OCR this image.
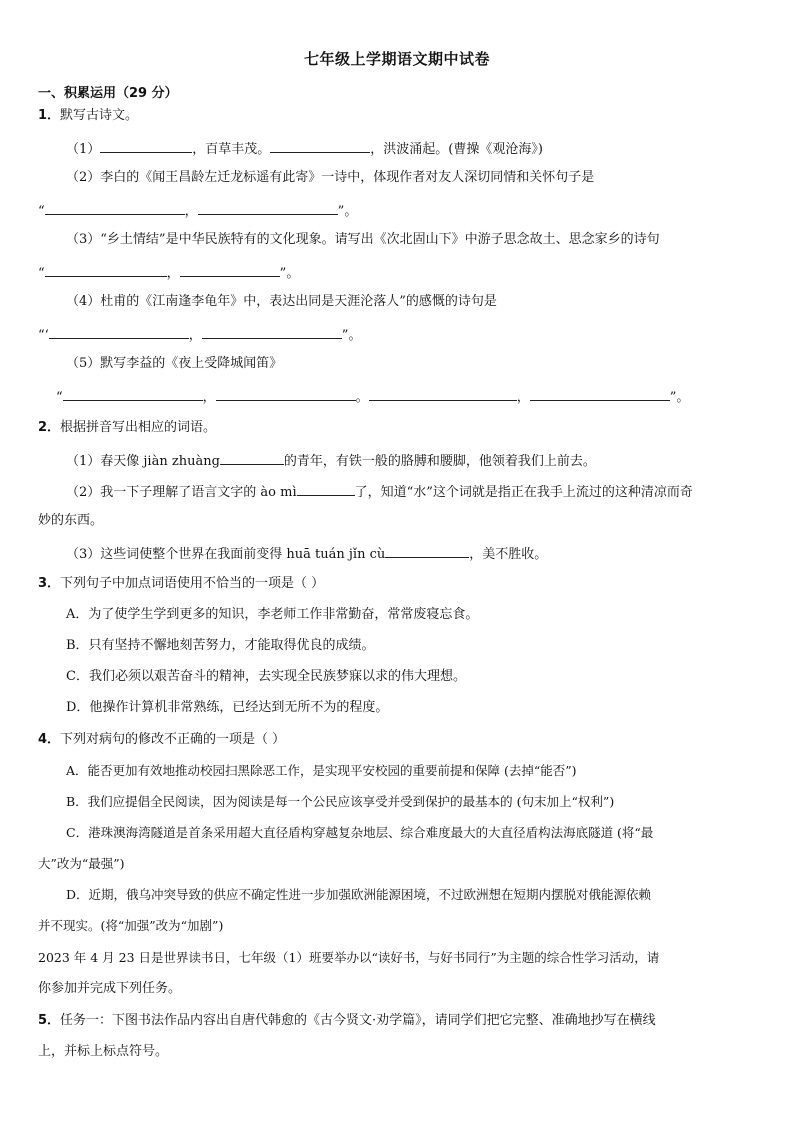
七年级上学期语文期中试卷
一、积累运用（29 分）
1．默写古诗文。
（1）	，百草丰茂。	，洪波涌起。(曹操《观沧海》)
（2）李白的《闻王昌龄左迁龙标遥有此寄》一诗中，体现作者对友人深切同情和关怀句子是
“	，	”。
（3）“乡土情结”是中华民族特有的文化现象。请写出《次北固山下》中游子思念故土、思念家乡的诗句
“	，	”。
（4）杜甫的《江南逢李龟年》中，表达出同是天涯沦落人”的感慨的诗句是
“‘	，	”。
（5）默写李益的《夜上受降城闻笛》
“	，	。	，	”。
2．根据拼音写出相应的词语。
（1）春天像 jiàn zhuàng	的青年，有铁一般的胳膊和腰脚，他领着我们上前去。
（2）我一下子理解了语言文字的 ào mì	了，知道“水”这个词就是指正在我手上流过的这种清凉而奇
妙的东西。
（3）这些词使整个世界在我面前变得 huā tuán jǐn cù	，美不胜收。
3．下列句子中加点词语使用不恰当的一项是（ ）
A．为了使学生学到更多的知识，李老师工作非常勤奋，常常废寝忘食。
B．只有坚持不懈地刻苦努力，才能取得优良的成绩。
C．我们必须以艰苦奋斗的精神，去实现全民族梦寐以求的伟大理想。
D．他操作计算机非常熟练，已经达到无所不为的程度。
4．下列对病句的修改不正确的一项是（ ）
A．能否更加有效地推动校园扫黑除恶工作，是实现平安校园的重要前提和保障 (去掉“能否”)
B．我们应提倡全民阅读，因为阅读是每一个公民应该享受并受到保护的最基本的 (句末加上“权利”)
C．港珠澳海湾隧道是首条采用超大直径盾构穿越复杂地层、综合难度最大的大直径盾构法海底隧道 (将“最
大”改为“最强”)
D．近期，俄乌冲突导致的供应不确定性进一步加强欧洲能源困境，不过欧洲想在短期内摆脱对俄能源依赖
并不现实。(将“加强”改为“加剧”)
2023 年 4 月 23 日是世界读书日，七年级（1）班要举办以“读好书，与好书同行”为主题的综合性学习活动，请
你参加并完成下列任务。
5．任务一：下图书法作品内容出自唐代韩愈的《古今贤文·劝学篇》，请同学们把它完整、准确地抄写在横线
上，并标上标点符号。
